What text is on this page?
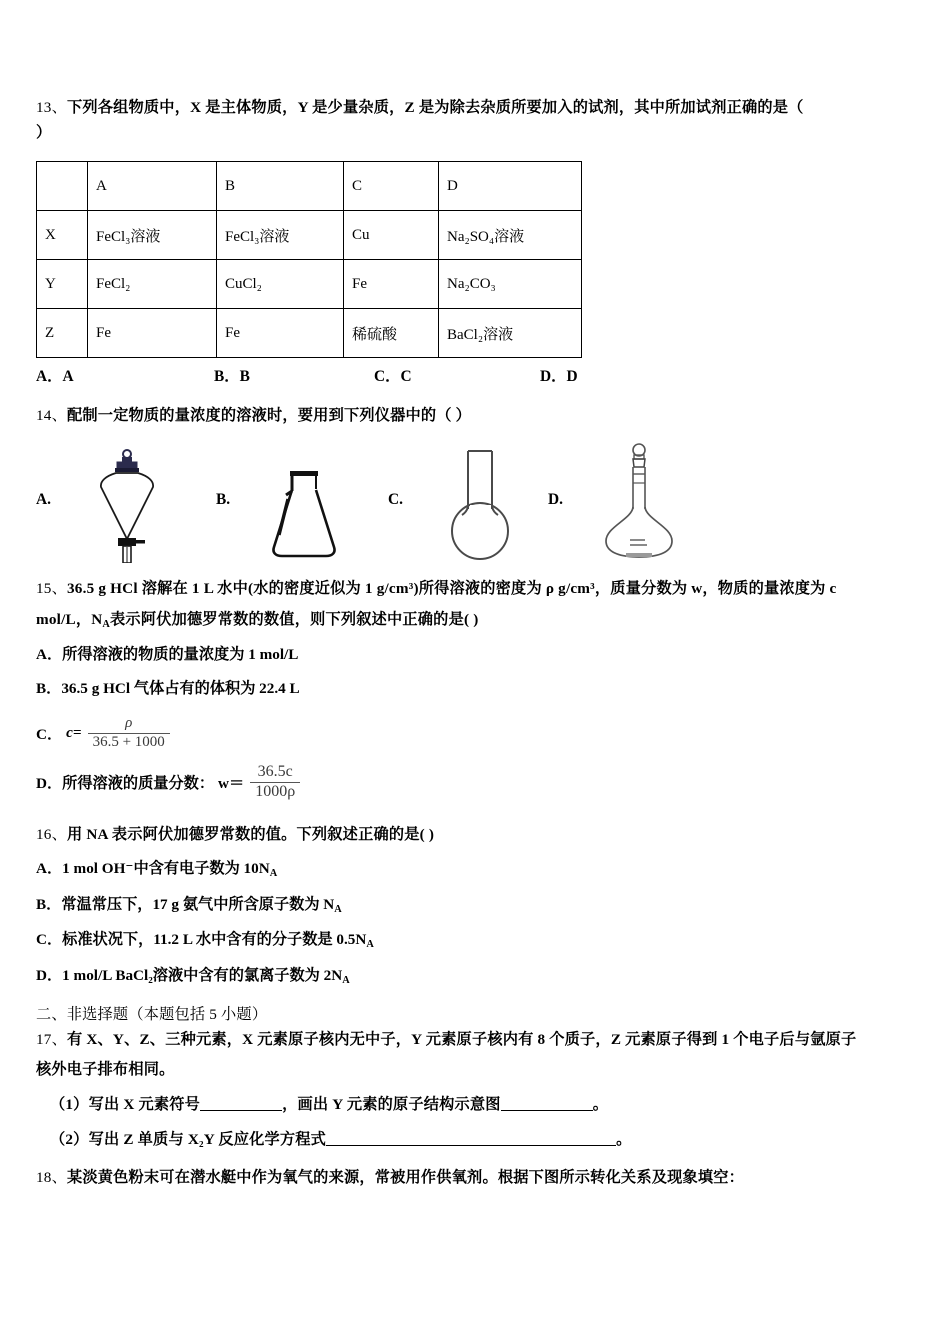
13、下列各组物质中，X 是主体物质，Y 是少量杂质，Z 是为除去杂质所要加入的试剂，其中所加试剂正确的是（
）
	A	B	C	D
X	FeCl₃溶液	FeCl₃溶液	Cu	Na₂SO₄溶液
Y	FeCl₂	CuCl₂	Fe	Na₂CO₃
Z	Fe	Fe	稀硫酸	BaCl₂溶液
A．A	B．B	C．C	D．D
14、配制一定物质的量浓度的溶液时，要用到下列仪器中的（ ）
A.	B.	C.	D.
15、36.5 g HCl 溶解在 1 L 水中(水的密度近似为 1 g/cm³)所得溶液的密度为 ρ g/cm³，质量分数为 w，物质的量浓度为 c
mol/L，$N_A$表示阿伏加德罗常数的数值，则下列叙述中正确的是( )
A．所得溶液的物质的量浓度为 1 mol/L
B．36.5 g HCl 气体占有的体积为 22.4 L
C． $c= \frac{\rho}{36.5 + 1000}$
D．所得溶液的质量分数： $w= \frac{36.5c}{1000\rho}$
16、用 NA 表示阿伏加德罗常数的值。下列叙述正确的是( )
A．1 mol OH⁻中含有电子数为 $10N_A$
B．常温常压下，17 g 氨气中所含原子数为 $N_A$
C．标准状况下，11.2 L 水中含有的分子数是 $0.5N_A$
D．1 mol/L BaCl₂溶液中含有的氯离子数为 $2N_A$
二、非选择题（本题包括 5 小题）
17、有 X、Y、Z、三种元素，X 元素原子核内无中子，Y 元素原子核内有 8 个质子，Z 元素原子得到 1 个电子后与氩原子
核外电子排布相同。
（1）写出 X 元素符号	，画出 Y 元素的原子结构示意图	。
（2）写出 Z 单质与 X₂Y 反应化学方程式	。
18、某淡黄色粉末可在潜水艇中作为氧气的来源，常被用作供氧剂。根据下图所示转化关系及现象填空：
